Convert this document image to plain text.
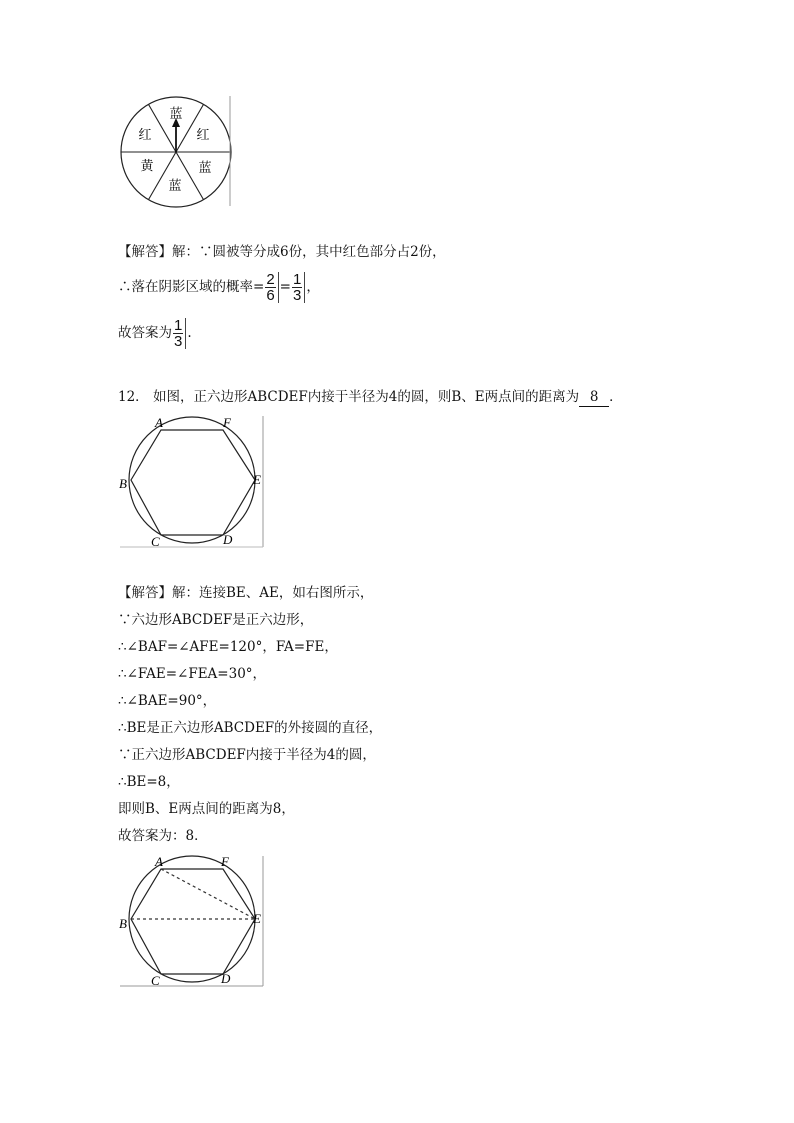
蓝
红
蓝
蓝
黄
红
【解答】解：∵圆被等分成6份，其中红色部分占2份，
∴落在阴影区域的概率= $\frac{2}{6} = \frac{1}{3}$ ，
故答案为 $\frac{1}{3}$ .
12． 如图，正六边形ABCDEF内接于半径为4的圆，则B、E两点间的距离为 8 ．
A	F
B	E
C	D
【解答】解：连接BE、AE，如右图所示，
∵六边形ABCDEF是正六边形，
∴∠BAF=∠AFE=120°，FA=FE，
∴∠FAE=∠FEA=30°，
∴∠BAE=90°，
∴BE是正六边形ABCDEF的外接圆的直径，
∵正六边形ABCDEF内接于半径为4的圆，
∴BE=8，
即则B、E两点间的距离为8，
故答案为：8．
A	F
B	E
C	D
